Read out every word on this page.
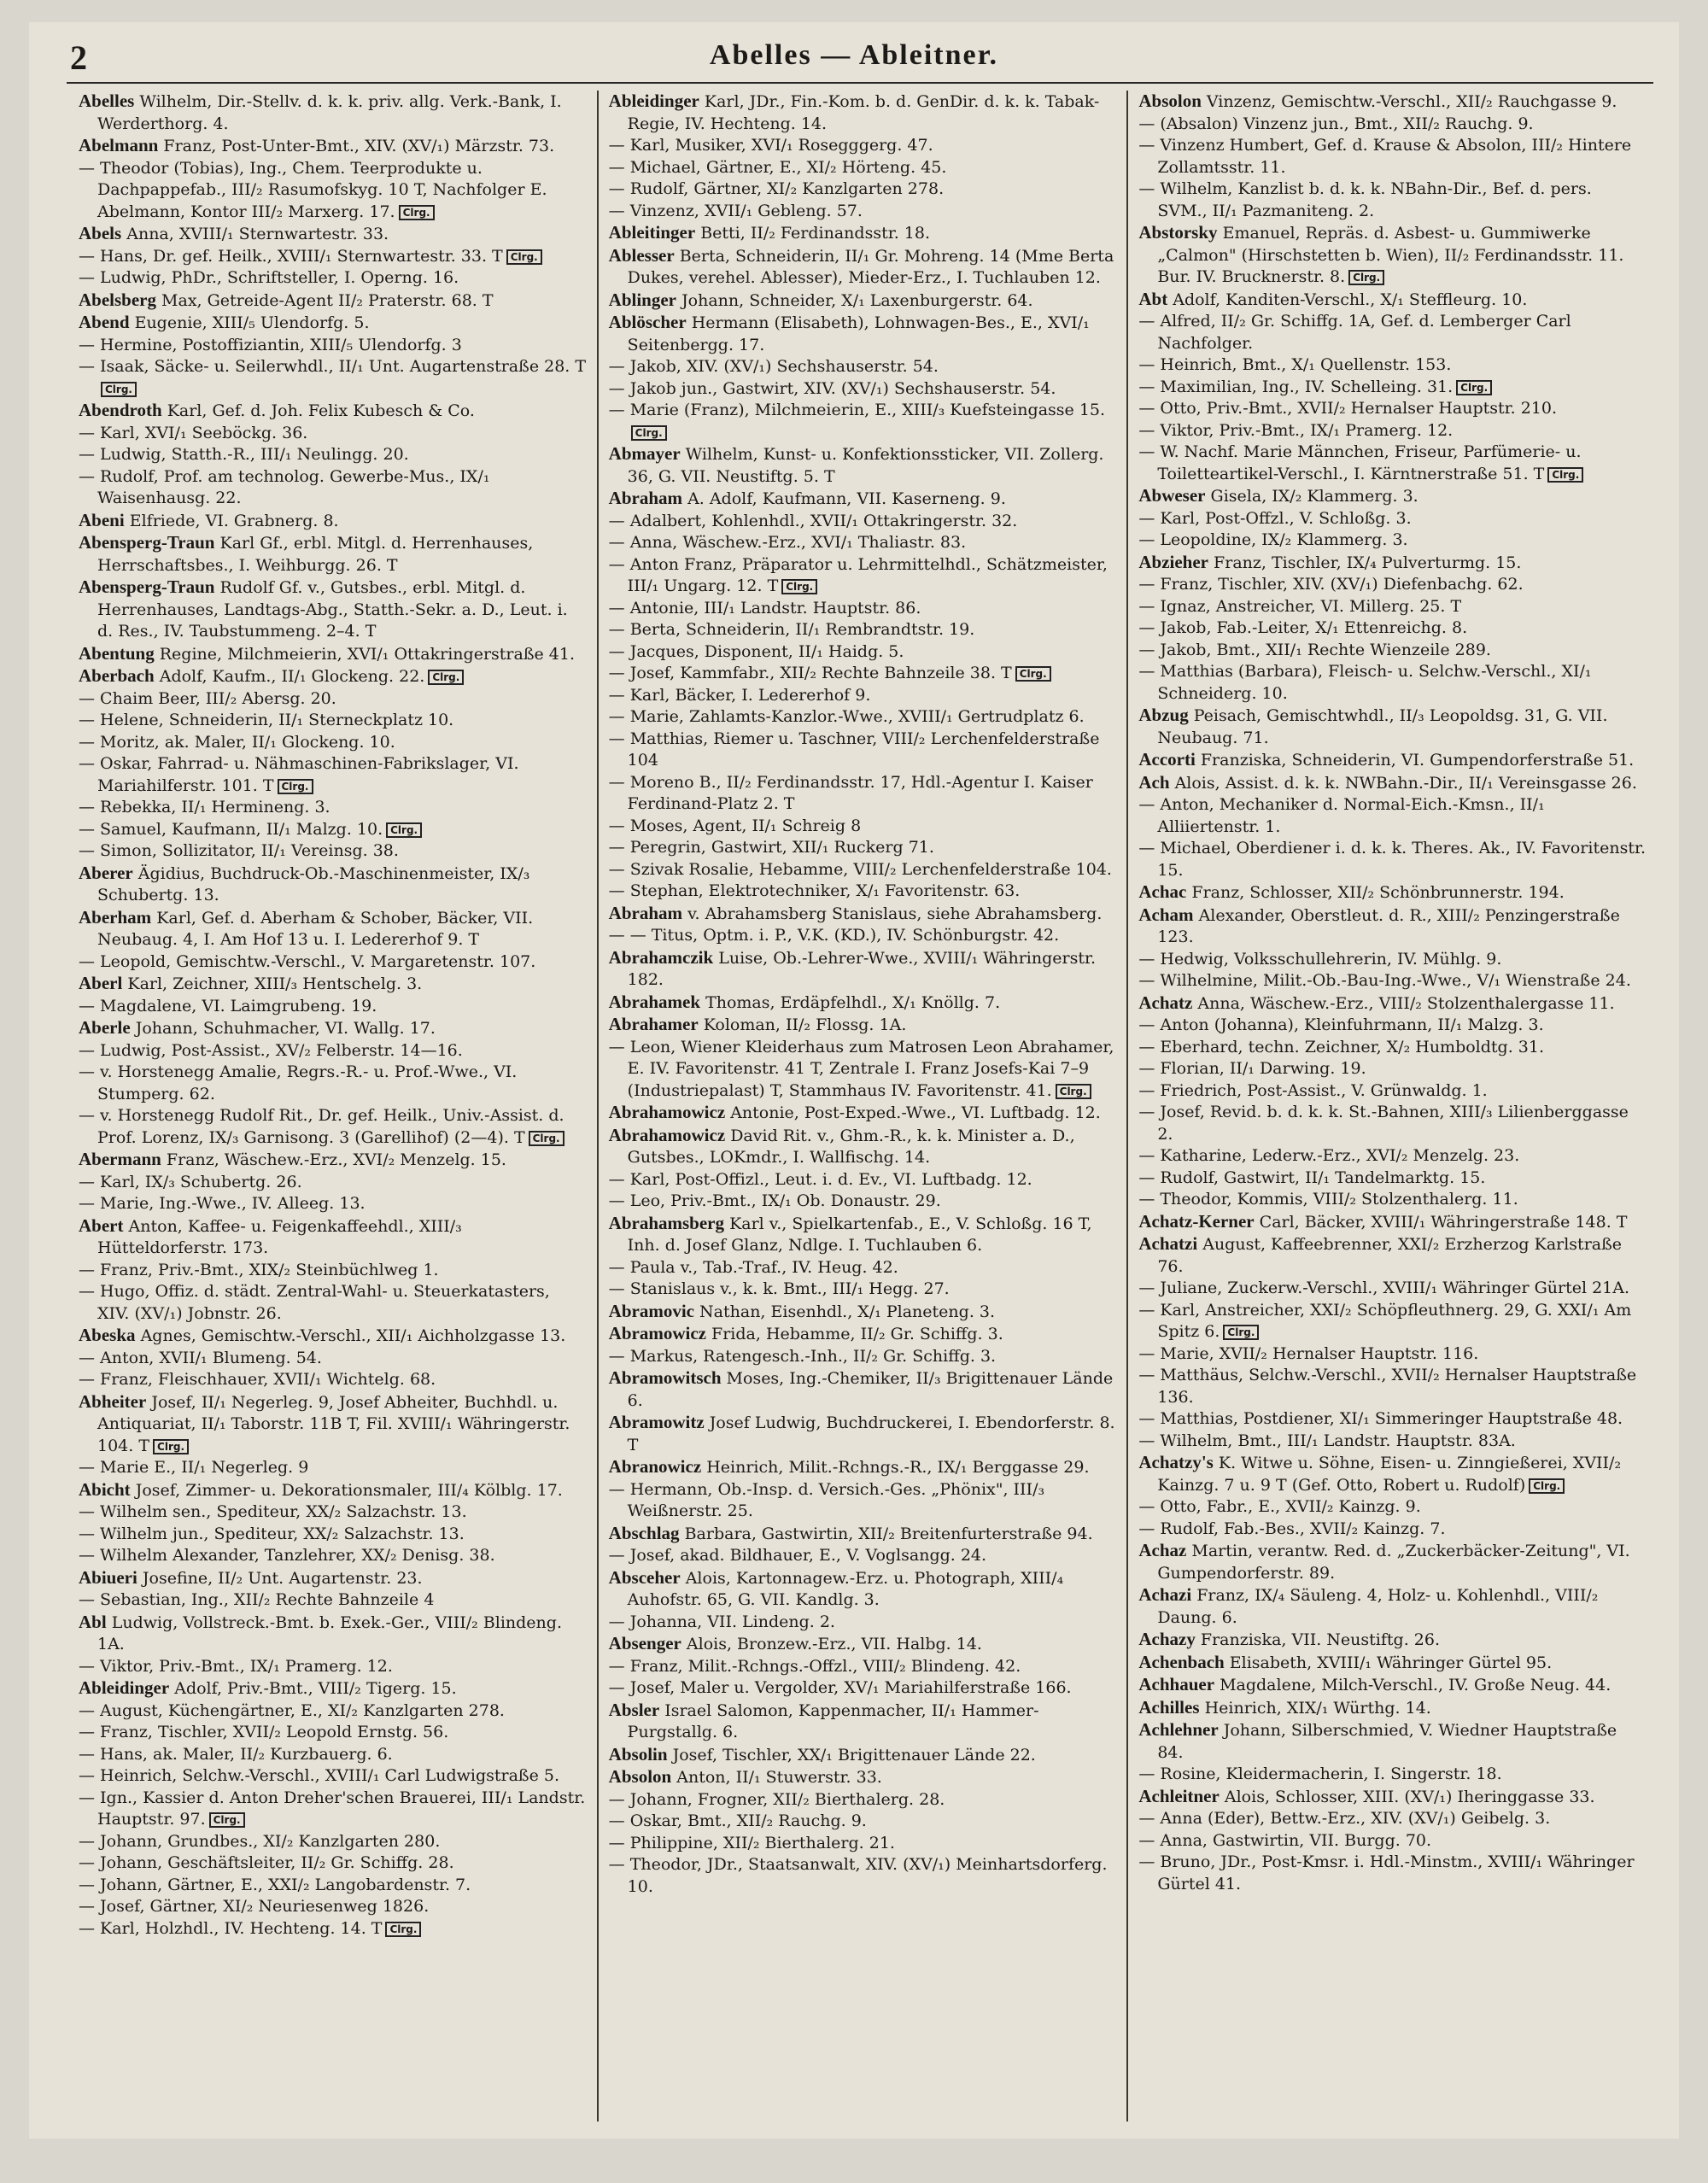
2	Abelles — Ableitner.

Abelles Wilhelm, Dir.-Stellv. d. k. k. priv. allg. Verk.-Bank, I. Werderthorg. 4.

Abelmann Franz, Post-Unter-Bmt., XIV. (XV/₁) Märzstr. 73.

— Theodor (Tobias), Ing., Chem. Teerprodukte u. Dachpappefab., III/₂ Rasumofskyg. 10 T, Nachfolger E. Abelmann, Kontor III/₂ Marxerg. 17. Clrg.

Abels Anna, XVIII/₁ Sternwartestr. 33.

— Hans, Dr. gef. Heilk., XVIII/₁ Sternwartestr. 33. T Clrg.

— Ludwig, PhDr., Schriftsteller, I. Operng. 16.

Abelsberg Max, Getreide-Agent II/₂ Praterstr. 68. T

Abend Eugenie, XIII/₅ Ulendorfg. 5.

— Hermine, Postoffiziantin, XIII/₅ Ulendorfg. 3

— Isaak, Säcke- u. Seilerwhdl., II/₁ Unt. Augartenstraße 28. TClrg.

Abendroth Karl, Gef. d. Joh. Felix Kubesch & Co.

— Karl, XVI/₁ Seeböckg. 36.

— Ludwig, Statth.-R., III/₁ Neulingg. 20.

— Rudolf, Prof. am technolog. Gewerbe-Mus., IX/₁ Waisenhausg. 22.

Abeni Elfriede, VI. Grabnerg. 8.

Abensperg-Traun Karl Gf., erbl. Mitgl. d. Herrenhauses, Herrschaftsbes., I. Weihburgg. 26. T

Abensperg-Traun Rudolf Gf. v., Gutsbes., erbl. Mitgl. d. Herrenhauses, Landtags-Abg., Statth.-Sekr. a. D., Leut. i. d. Res., IV. Taubstummeng. 2–4. T

Abentung Regine, Milchmeierin, XVI/₁ Ottakringerstraße 41.

Aberbach Adolf, Kaufm., II/₁ Glockeng. 22. Clrg.

— Chaim Beer, III/₂ Abersg. 20.

— Helene, Schneiderin, II/₁ Sterneckplatz 10.

— Moritz, ak. Maler, II/₁ Glockeng. 10.

— Oskar, Fahrrad- u. Nähmaschinen-Fabrikslager, VI. Mariahilferstr. 101. T Clrg.

— Rebekka, II/₁ Hermineng. 3.

— Samuel, Kaufmann, II/₁ Malzg. 10. Clrg.

— Simon, Sollizitator, II/₁ Vereinsg. 38.

Aberer Ägidius, Buchdruck-Ob.-Maschinenmeister, IX/₃ Schubertg. 13.

Aberham Karl, Gef. d. Aberham & Schober, Bäcker, VII. Neubaug. 4, I. Am Hof 13 u. I. Ledererhof 9. T

— Leopold, Gemischtw.-Verschl., V. Margaretenstr. 107.

Aberl Karl, Zeichner, XIII/₃ Hentschelg. 3.

— Magdalene, VI. Laimgrubeng. 19.

Aberle Johann, Schuhmacher, VI. Wallg. 17.

— Ludwig, Post-Assist., XV/₂ Felberstr. 14—16.

— v. Horstenegg Amalie, Regrs.-R.- u. Prof.-Wwe., VI. Stumperg. 62.

— v. Horstenegg Rudolf Rit., Dr. gef. Heilk., Univ.-Assist. d. Prof. Lorenz, IX/₃ Garnisong. 3 (Garellihof) (2—4). T Clrg.

Abermann Franz, Wäschew.-Erz., XVI/₂ Menzelg. 15.

— Karl, IX/₃ Schubertg. 26.

— Marie, Ing.-Wwe., IV. Alleeg. 13.

Abert Anton, Kaffee- u. Feigenkaffeehdl., XIII/₃ Hütteldorferstr. 173.

— Franz, Priv.-Bmt., XIX/₂ Steinbüchlweg 1.

— Hugo, Offiz. d. städt. Zentral-Wahl- u. Steuerkatasters, XIV. (XV/₁) Jobnstr. 26.

Abeska Agnes, Gemischtw.-Verschl., XII/₁ Aichholzgasse 13.

— Anton, XVII/₁ Blumeng. 54.

— Franz, Fleischhauer, XVII/₁ Wichtelg. 68.

Abheiter Josef, II/₁ Negerleg. 9, Josef Abheiter, Buchhdl. u. Antiquariat, II/₁ Taborstr. 11B T, Fil. XVIII/₁ Währingerstr. 104. T Clrg.

— Marie E., II/₁ Negerleg. 9

Abicht Josef, Zimmer- u. Dekorationsmaler, III/₄ Kölblg. 17.

— Wilhelm sen., Spediteur, XX/₂ Salzachstr. 13.

— Wilhelm jun., Spediteur, XX/₂ Salzachstr. 13.

— Wilhelm Alexander, Tanzlehrer, XX/₂ Denisg. 38.

Abiueri Josefine, II/₂ Unt. Augartenstr. 23.

— Sebastian, Ing., XII/₂ Rechte Bahnzeile 4

Abl Ludwig, Vollstreck.-Bmt. b. Exek.-Ger., VIII/₂ Blindeng. 1A.

— Viktor, Priv.-Bmt., IX/₁ Pramerg. 12.

Ableidinger Adolf, Priv.-Bmt., VIII/₂ Tigerg. 15.

— August, Küchengärtner, E., XI/₂ Kanzlgarten 278.

— Franz, Tischler, XVII/₂ Leopold Ernstg. 56.

— Hans, ak. Maler, II/₂ Kurzbauerg. 6.

— Heinrich, Selchw.-Verschl., XVIII/₁ Carl Ludwigstraße 5.

— Ign., Kassier d. Anton Dreher'schen Brauerei, III/₁ Landstr. Hauptstr. 97. Clrg.

— Johann, Grundbes., XI/₂ Kanzlgarten 280.

— Johann, Geschäftsleiter, II/₂ Gr. Schiffg. 28.

— Johann, Gärtner, E., XXI/₂ Langobardenstr. 7.

— Josef, Gärtner, XI/₂ Neuriesenweg 1826.

— Karl, Holzhdl., IV. Hechteng. 14. T Clrg.

Ableidinger Karl, JDr., Fin.-Kom. b. d. GenDir. d. k. k. Tabak-Regie, IV. Hechteng. 14.

— Karl, Musiker, XVI/₁ Rosegggerg. 47.

— Michael, Gärtner, E., XI/₂ Hörteng. 45.

— Rudolf, Gärtner, XI/₂ Kanzlgarten 278.

— Vinzenz, XVII/₁ Gebleng. 57.

Ableitinger Betti, II/₂ Ferdinandsstr. 18.

Ablesser Berta, Schneiderin, II/₁ Gr. Mohreng. 14 (Mme Berta Dukes, verehel. Ablesser), Mieder-Erz., I. Tuchlauben 12.

Ablinger Johann, Schneider, X/₁ Laxenburgerstr. 64.

Ablöscher Hermann (Elisabeth), Lohnwagen-Bes., E., XVI/₁ Seitenbergg. 17.

— Jakob, XIV. (XV/₁) Sechshauserstr. 54.

— Jakob jun., Gastwirt, XIV. (XV/₁) Sechshauserstr. 54.

— Marie (Franz), Milchmeierin, E., XIII/₃ Kuefsteingasse 15.Clrg.

Abmayer Wilhelm, Kunst- u. Konfektionssticker, VII. Zollerg. 36, G. VII. Neustiftg. 5. T

Abraham A. Adolf, Kaufmann, VII. Kaserneng. 9.

— Adalbert, Kohlenhdl., XVII/₁ Ottakringerstr. 32.

— Anna, Wäschew.-Erz., XVI/₁ Thaliastr. 83.

— Anton Franz, Präparator u. Lehrmittelhdl., Schätzmeister, III/₁ Ungarg. 12. T Clrg.

— Antonie, III/₁ Landstr. Hauptstr. 86.

— Berta, Schneiderin, II/₁ Rembrandtstr. 19.

— Jacques, Disponent, II/₁ Haidg. 5.

— Josef, Kammfabr., XII/₂ Rechte Bahnzeile 38. T Clrg.

— Karl, Bäcker, I. Ledererhof 9.

— Marie, Zahlamts-Kanzlor.-Wwe., XVIII/₁ Gertrudplatz 6.

— Matthias, Riemer u. Taschner, VIII/₂ Lerchenfelderstraße 104

— Moreno B., II/₂ Ferdinandsstr. 17, Hdl.-Agentur I. Kaiser Ferdinand-Platz 2. T

— Moses, Agent, II/₁ Schreig 8

— Peregrin, Gastwirt, XII/₁ Ruckerg 71.

— Szivak Rosalie, Hebamme, VIII/₂ Lerchenfelderstraße 104.

— Stephan, Elektrotechniker, X/₁ Favoritenstr. 63.

Abraham v. Abrahamsberg Stanislaus, siehe Abrahamsberg.

— — Titus, Optm. i. P., V.K. (KD.), IV. Schönburgstr. 42.

Abrahamczik Luise, Ob.-Lehrer-Wwe., XVIII/₁ Währingerstr. 182.

Abrahamek Thomas, Erdäpfelhdl., X/₁ Knöllg. 7.

Abrahamer Koloman, II/₂ Flossg. 1A.

— Leon, Wiener Kleiderhaus zum Matrosen Leon Abrahamer, E. IV. Favoritenstr. 41 T, Zentrale I. Franz Josefs-Kai 7–9 (Industriepalast) T, Stammhaus IV. Favoritenstr. 41. Clrg.

Abrahamowicz Antonie, Post-Exped.-Wwe., VI. Luftbadg. 12.

Abrahamowicz David Rit. v., Ghm.-R., k. k. Minister a. D., Gutsbes., LOKmdr., I. Wallfischg. 14.

— Karl, Post-Offizl., Leut. i. d. Ev., VI. Luftbadg. 12.

— Leo, Priv.-Bmt., IX/₁ Ob. Donaustr. 29.

Abrahamsberg Karl v., Spielkartenfab., E., V. Schloßg. 16 T, Inh. d. Josef Glanz, Ndlge. I. Tuchlauben 6.

— Paula v., Tab.-Traf., IV. Heug. 42.

— Stanislaus v., k. k. Bmt., III/₁ Hegg. 27.

Abramovic Nathan, Eisenhdl., X/₁ Planeteng. 3.

Abramowicz Frida, Hebamme, II/₂ Gr. Schiffg. 3.

— Markus, Ratengesch.-Inh., II/₂ Gr. Schiffg. 3.

Abramowitsch Moses, Ing.-Chemiker, II/₃ Brigittenauer Lände 6.

Abramowitz Josef Ludwig, Buchdruckerei, I. Ebendorferstr. 8. T

Abranowicz Heinrich, Milit.-Rchngs.-R., IX/₁ Berggasse 29.

— Hermann, Ob.-Insp. d. Versich.-Ges. „Phönix", III/₃ Weißnerstr. 25.

Abschlag Barbara, Gastwirtin, XII/₂ Breitenfurterstraße 94.

— Josef, akad. Bildhauer, E., V. Voglsangg. 24.

Absceher Alois, Kartonnagew.-Erz. u. Photograph, XIII/₄ Auhofstr. 65, G. VII. Kandlg. 3.

— Johanna, VII. Lindeng. 2.

Absenger Alois, Bronzew.-Erz., VII. Halbg. 14.

— Franz, Milit.-Rchngs.-Offzl., VIII/₂ Blindeng. 42.

— Josef, Maler u. Vergolder, XV/₁ Mariahilferstraße 166.

Absler Israel Salomon, Kappenmacher, II/₁ Hammer-Purgstallg. 6.

Absolin Josef, Tischler, XX/₁ Brigittenauer Lände 22.

Absolon Anton, II/₁ Stuwerstr. 33.

— Johann, Frogner, XII/₂ Bierthalerg. 28.

— Oskar, Bmt., XII/₂ Rauchg. 9.

— Philippine, XII/₂ Bierthalerg. 21.

— Theodor, JDr., Staatsanwalt, XIV. (XV/₁) Meinhartsdorferg. 10.

Absolon Vinzenz, Gemischtw.-Verschl., XII/₂ Rauchgasse 9.

— (Absalon) Vinzenz jun., Bmt., XII/₂ Rauchg. 9.

— Vinzenz Humbert, Gef. d. Krause & Absolon, III/₂ Hintere Zollamtsstr. 11.

— Wilhelm, Kanzlist b. d. k. k. NBahn-Dir., Bef. d. pers. SVM., II/₁ Pazmaniteng. 2.

Abstorsky Emanuel, Repräs. d. Asbest- u. Gummiwerke „Calmon" (Hirschstetten b. Wien), II/₂ Ferdinandsstr. 11. Bur. IV. Brucknerstr. 8. Clrg.

Abt Adolf, Kanditen-Verschl., X/₁ Steffleurg. 10.

— Alfred, II/₂ Gr. Schiffg. 1A, Gef. d. Lemberger Carl Nachfolger.

— Heinrich, Bmt., X/₁ Quellenstr. 153.

— Maximilian, Ing., IV. Schelleing. 31. Clrg.

— Otto, Priv.-Bmt., XVII/₂ Hernalser Hauptstr. 210.

— Viktor, Priv.-Bmt., IX/₁ Pramerg. 12.

— W. Nachf. Marie Männchen, Friseur, Parfümerie- u. Toiletteartikel-Verschl., I. Kärntnerstraße 51. T Clrg.

Abweser Gisela, IX/₂ Klammerg. 3.

— Karl, Post-Offzl., V. Schloßg. 3.

— Leopoldine, IX/₂ Klammerg. 3.

Abzieher Franz, Tischler, IX/₄ Pulverturmg. 15.

— Franz, Tischler, XIV. (XV/₁) Diefenbachg. 62.

— Ignaz, Anstreicher, VI. Millerg. 25. T

— Jakob, Fab.-Leiter, X/₁ Ettenreichg. 8.

— Jakob, Bmt., XII/₁ Rechte Wienzeile 289.

— Matthias (Barbara), Fleisch- u. Selchw.-Verschl., XI/₁ Schneiderg. 10.

Abzug Peisach, Gemischtwhdl., II/₃ Leopoldsg. 31, G. VII. Neubaug. 71.

Accorti Franziska, Schneiderin, VI. Gumpendorferstraße 51.

Ach Alois, Assist. d. k. k. NWBahn.-Dir., II/₁ Vereinsgasse 26.

— Anton, Mechaniker d. Normal-Eich.-Kmsn., II/₁ Alliiertenstr. 1.

— Michael, Oberdiener i. d. k. k. Theres. Ak., IV. Favoritenstr. 15.

Achac Franz, Schlosser, XII/₂ Schönbrunnerstr. 194.

Acham Alexander, Oberstleut. d. R., XIII/₂ Penzingerstraße 123.

— Hedwig, Volksschullehrerin, IV. Mühlg. 9.

— Wilhelmine, Milit.-Ob.-Bau-Ing.-Wwe., V/₁ Wienstraße 24.

Achatz Anna, Wäschew.-Erz., VIII/₂ Stolzenthalergasse 11.

— Anton (Johanna), Kleinfuhrmann, II/₁ Malzg. 3.

— Eberhard, techn. Zeichner, X/₂ Humboldtg. 31.

— Florian, II/₁ Darwing. 19.

— Friedrich, Post-Assist., V. Grünwaldg. 1.

— Josef, Revid. b. d. k. k. St.-Bahnen, XIII/₃ Lilienberggasse 2.

— Katharine, Lederw.-Erz., XVI/₂ Menzelg. 23.

— Rudolf, Gastwirt, II/₁ Tandelmarktg. 15.

— Theodor, Kommis, VIII/₂ Stolzenthalerg. 11.

Achatz-Kerner Carl, Bäcker, XVIII/₁ Währingerstraße 148. T

Achatzi August, Kaffeebrenner, XXI/₂ Erzherzog Karlstraße 76.

— Juliane, Zuckerw.-Verschl., XVIII/₁ Währinger Gürtel 21A.

— Karl, Anstreicher, XXI/₂ Schöpfleuthnerg. 29, G. XXI/₁ Am Spitz 6. Clrg.

— Marie, XVII/₂ Hernalser Hauptstr. 116.

— Matthäus, Selchw.-Verschl., XVII/₂ Hernalser Hauptstraße 136.

— Matthias, Postdiener, XI/₁ Simmeringer Hauptstraße 48.

— Wilhelm, Bmt., III/₁ Landstr. Hauptstr. 83A.

Achatzy's K. Witwe u. Söhne, Eisen- u. Zinngießerei, XVII/₂ Kainzg. 7 u. 9 T (Gef. Otto, Robert u. Rudolf) Clrg.

— Otto, Fabr., E., XVII/₂ Kainzg. 9.

— Rudolf, Fab.-Bes., XVII/₂ Kainzg. 7.

Achaz Martin, verantw. Red. d. „Zuckerbäcker-Zeitung", VI. Gumpendorferstr. 89.

Achazi Franz, IX/₄ Säuleng. 4, Holz- u. Kohlenhdl., VIII/₂ Daung. 6.

Achazy Franziska, VII. Neustiftg. 26.

Achenbach Elisabeth, XVIII/₁ Währinger Gürtel 95.

Achhauer Magdalene, Milch-Verschl., IV. Große Neug. 44.

Achilles Heinrich, XIX/₁ Würthg. 14.

Achlehner Johann, Silberschmied, V. Wiedner Hauptstraße 84.

— Rosine, Kleidermacherin, I. Singerstr. 18.

Achleitner Alois, Schlosser, XIII. (XV/₁) Iheringgasse 33.

— Anna (Eder), Bettw.-Erz., XIV. (XV/₁) Geibelg. 3.

— Anna, Gastwirtin, VII. Burgg. 70.

— Bruno, JDr., Post-Kmsr. i. Hdl.-Minstm., XVIII/₁ Währinger Gürtel 41.
